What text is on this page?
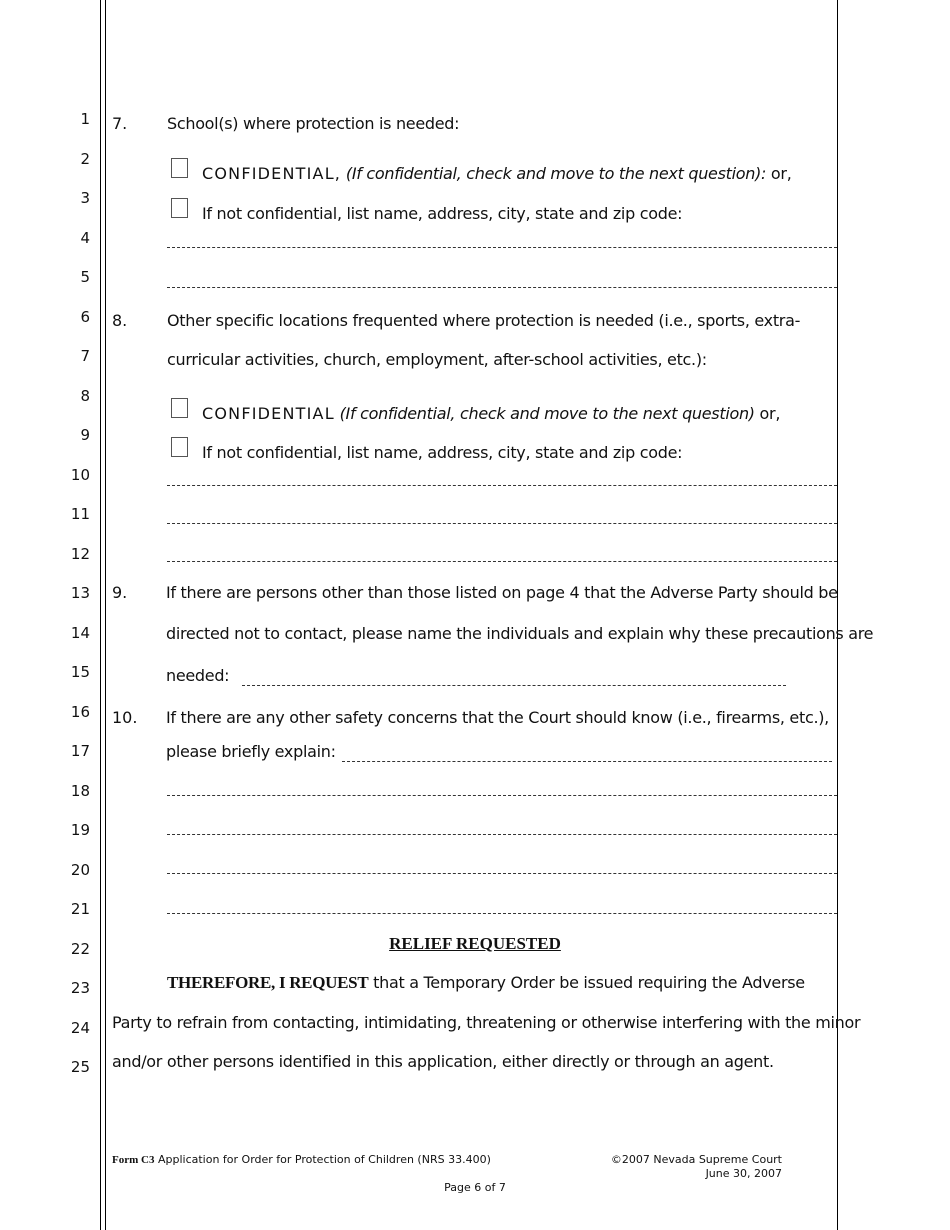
1
2
3
4
5
6
7
8
9
10
11
12
13
14
15
16
17
18
19
20
21
22
23
24
25
7. School(s) where protection is needed:
CONFIDENTIAL, (If confidential, check and move to the next question): or,
If not confidential, list name, address, city, state and zip code:
8. Other specific locations frequented where protection is needed (i.e., sports, extra-
curricular activities, church, employment, after-school activities, etc.):
CONFIDENTIAL (If confidential, check and move to the next question) or,
If not confidential, list name, address, city, state and zip code:
9. If there are persons other than those listed on page 4 that the Adverse Party should be
directed not to contact, please name the individuals and explain why these precautions are
needed:
10. If there are any other safety concerns that the Court should know (i.e., firearms, etc.),
please briefly explain:
RELIEF REQUESTED
THEREFORE, I REQUEST that a Temporary Order be issued requiring the Adverse
Party to refrain from contacting, intimidating, threatening or otherwise interfering with the minor
and/or other persons identified in this application, either directly or through an agent.
Form C3 Application for Order for Protection of Children (NRS 33.400)	©2007 Nevada Supreme Court
June 30, 2007
Page 6 of 7
